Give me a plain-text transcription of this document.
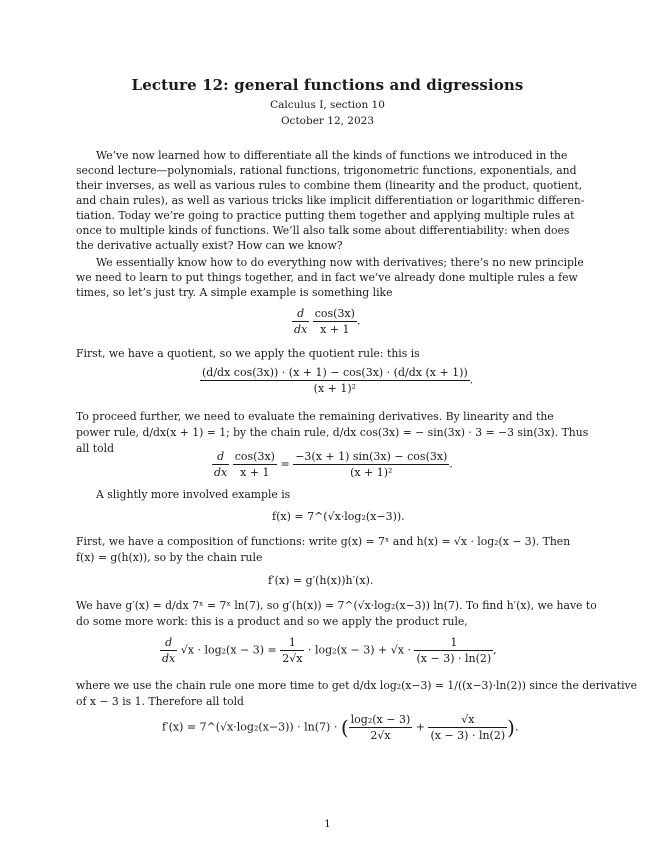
Lecture 12: general functions and digressions
Calculus I, section 10
October 12, 2023
We’ve now learned how to differentiate all the kinds of functions we introduced in the
second lecture—polynomials, rational functions, trigonometric functions, exponentials, and
their inverses, as well as various rules to combine them (linearity and the product, quotient,
and chain rules), as well as various tricks like implicit differentiation or logarithmic differen-
tiation. Today we’re going to practice putting them together and applying multiple rules at
once to multiple kinds of functions. We’ll also talk some about differentiability: when does
the derivative actually exist? How can we know?
We essentially know how to do everything now with derivatives; there’s no new principle
we need to learn to put things together, and in fact we’ve already done multiple rules a few
times, so let’s just try. A simple example is something like
$\frac{d}{dx}$
$\frac{\cos(3x)}{x + 1}$ .
First, we have a quotient, so we apply the quotient rule: this is
$\frac{\text{(d/dx cos(3x)) · (x + 1) − cos(3x) · (d/dx (x + 1))}}{\text{(x + 1)²}}$ .
To proceed further, we need to evaluate the remaining derivatives. By linearity and the
power rule, d/dx(x + 1) = 1; by the chain rule, d/dx cos(3x) = − sin(3x) · 3 = −3 sin(3x). Thus
all told
$\frac{d}{dx}$
$\frac{\cos(3x)}{x + 1} = \frac{-3(x + 1) \sin(3x) - \cos(3x)}{\text{(x + 1)²}}$ .
A slightly more involved example is
f(x) = 7^(√x·log₂(x−3)).
First, we have a composition of functions: write g(x) = 7ˣ and h(x) = √x · log₂(x − 3). Then
f(x) = g(h(x)), so by the chain rule
f′(x) = g′(h(x))h′(x).
We have g′(x) = d/dx 7ˣ = 7ˣ ln(7), so g′(h(x)) = 7^(√x·log₂(x−3)) ln(7). To find h′(x), we have to
do some more work: this is a product and so we apply the product rule,
$\frac{d}{dx} √x \cdot \log_2(x - 3) = \frac{1}{2√x} \cdot \log_2(x - 3) + √x \cdot \frac{1}{(x - 3) \cdot \ln(2)}$ ,
where we use the chain rule one more time to get d/dx log₂(x−3) = 1/((x−3)·ln(2)) since the derivative
of x − 3 is 1. Therefore all told
f′(x) = 7^(√x·log₂(x−3)) · ln(7) · ( $\frac{\text{log₂(x − 3)}}{2√x} + \frac{√x}{(x - 3) \cdot \ln(2)}$ ).
1
